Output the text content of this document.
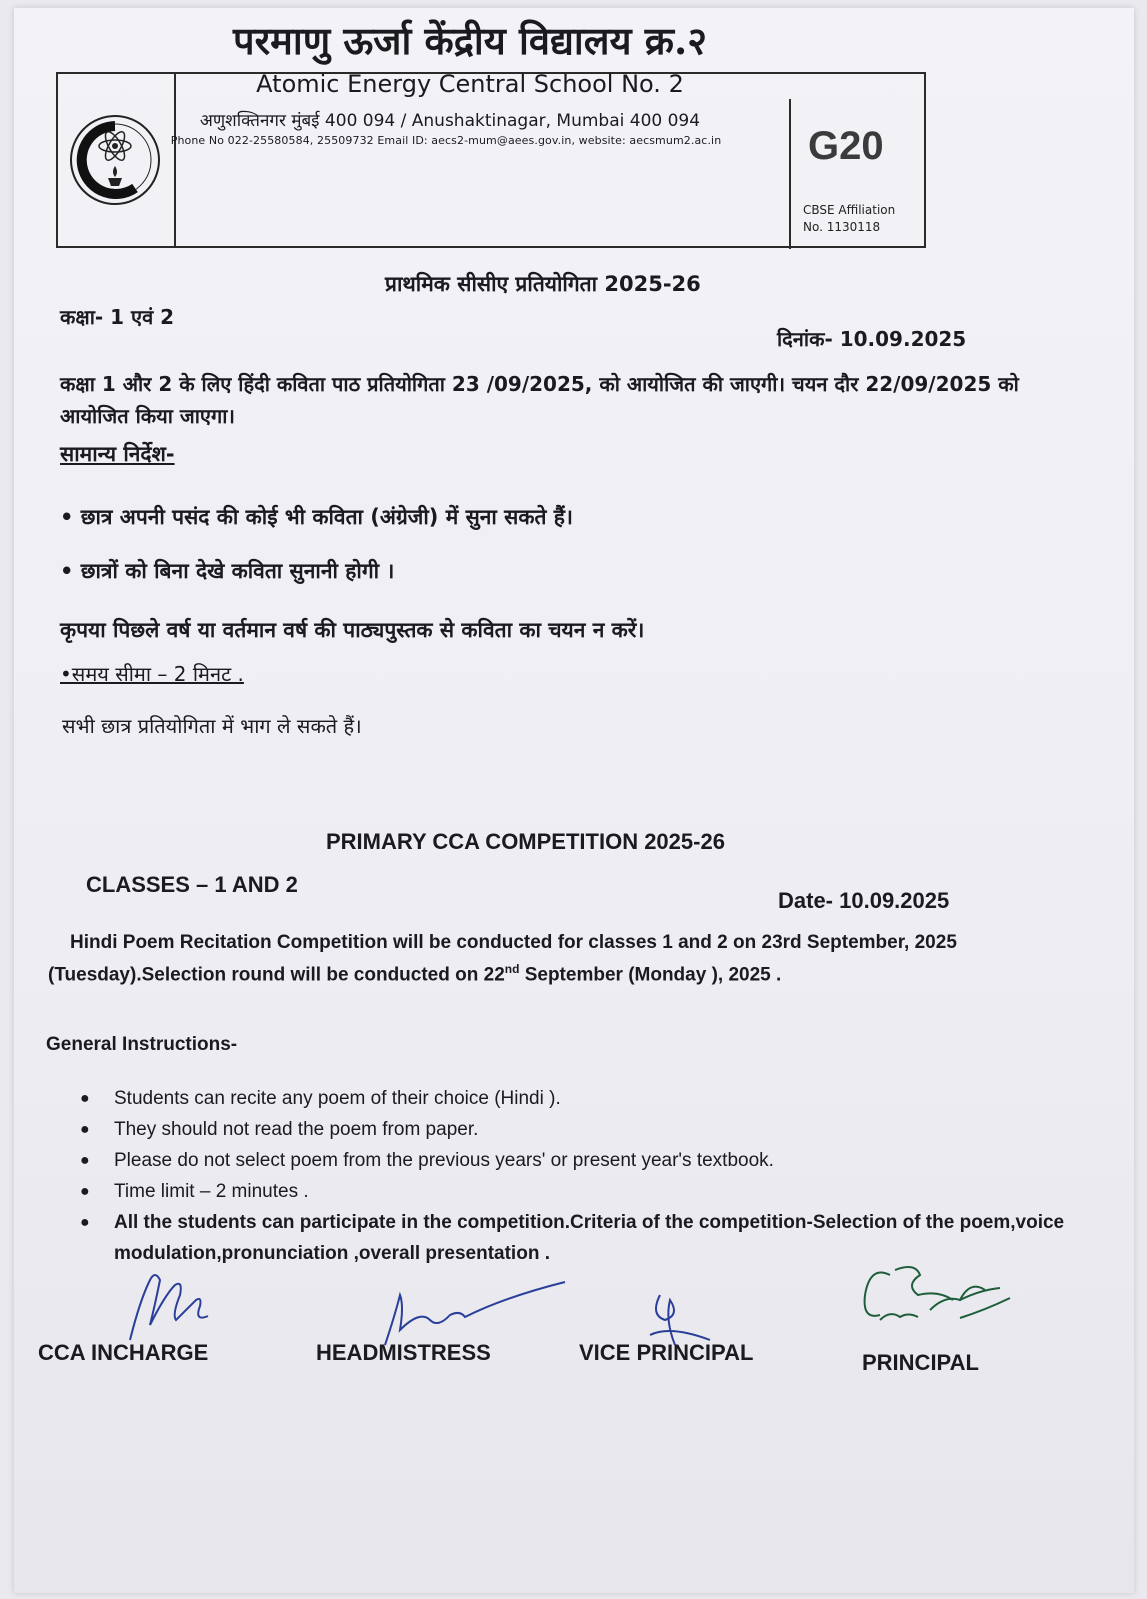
परमाणु ऊर्जा केंद्रीय विद्यालय क्र.२
Atomic Energy Central School No. 2
अणुशक्तिनगर मुंबई 400 094 / Anushaktinagar, Mumbai 400 094
Phone No 022-25580584, 25509732 Email ID: aecs2-mum@aees.gov.in, website: aecsmum2.ac.in	G20
CBSE Affiliation
No. 1130118
प्राथमिक सीसीए प्रतियोगिता 2025-26
कक्षा- 1 एवं 2
दिनांक- 10.09.2025
कक्षा 1 और 2 के लिए हिंदी कविता पाठ प्रतियोगिता 23 /09/2025, को आयोजित की जाएगी। चयन दौर 22/09/2025 को आयोजित किया जाएगा।
सामान्य निर्देश-
• छात्र अपनी पसंद की कोई भी कविता (अंग्रेजी) में सुना सकते हैं।
• छात्रों को बिना देखे कविता सुनानी होगी ।
कृपया पिछले वर्ष या वर्तमान वर्ष की पाठ्यपुस्तक से कविता का चयन न करें।
•समय सीमा – 2 मिनट .
सभी छात्र प्रतियोगिता में भाग ले सकते हैं।
PRIMARY CCA COMPETITION 2025-26
CLASSES – 1 AND 2
Date- 10.09.2025
Hindi Poem Recitation Competition will be conducted for classes 1 and 2 on 23rd September, 2025 (Tuesday).Selection round will be conducted on 22nd September (Monday ), 2025 .
General Instructions-
● Students can recite any poem of their choice (Hindi ).
● They should not read the poem from paper.
● Please do not select poem from the previous years' or present year's textbook.
● Time limit – 2 minutes .
● All the students can participate in the competition.Criteria of the competition-Selection of the poem,voice modulation,pronunciation ,overall presentation .
CCA INCHARGE	HEADMISTRESS	VICE PRINCIPAL	PRINCIPAL
